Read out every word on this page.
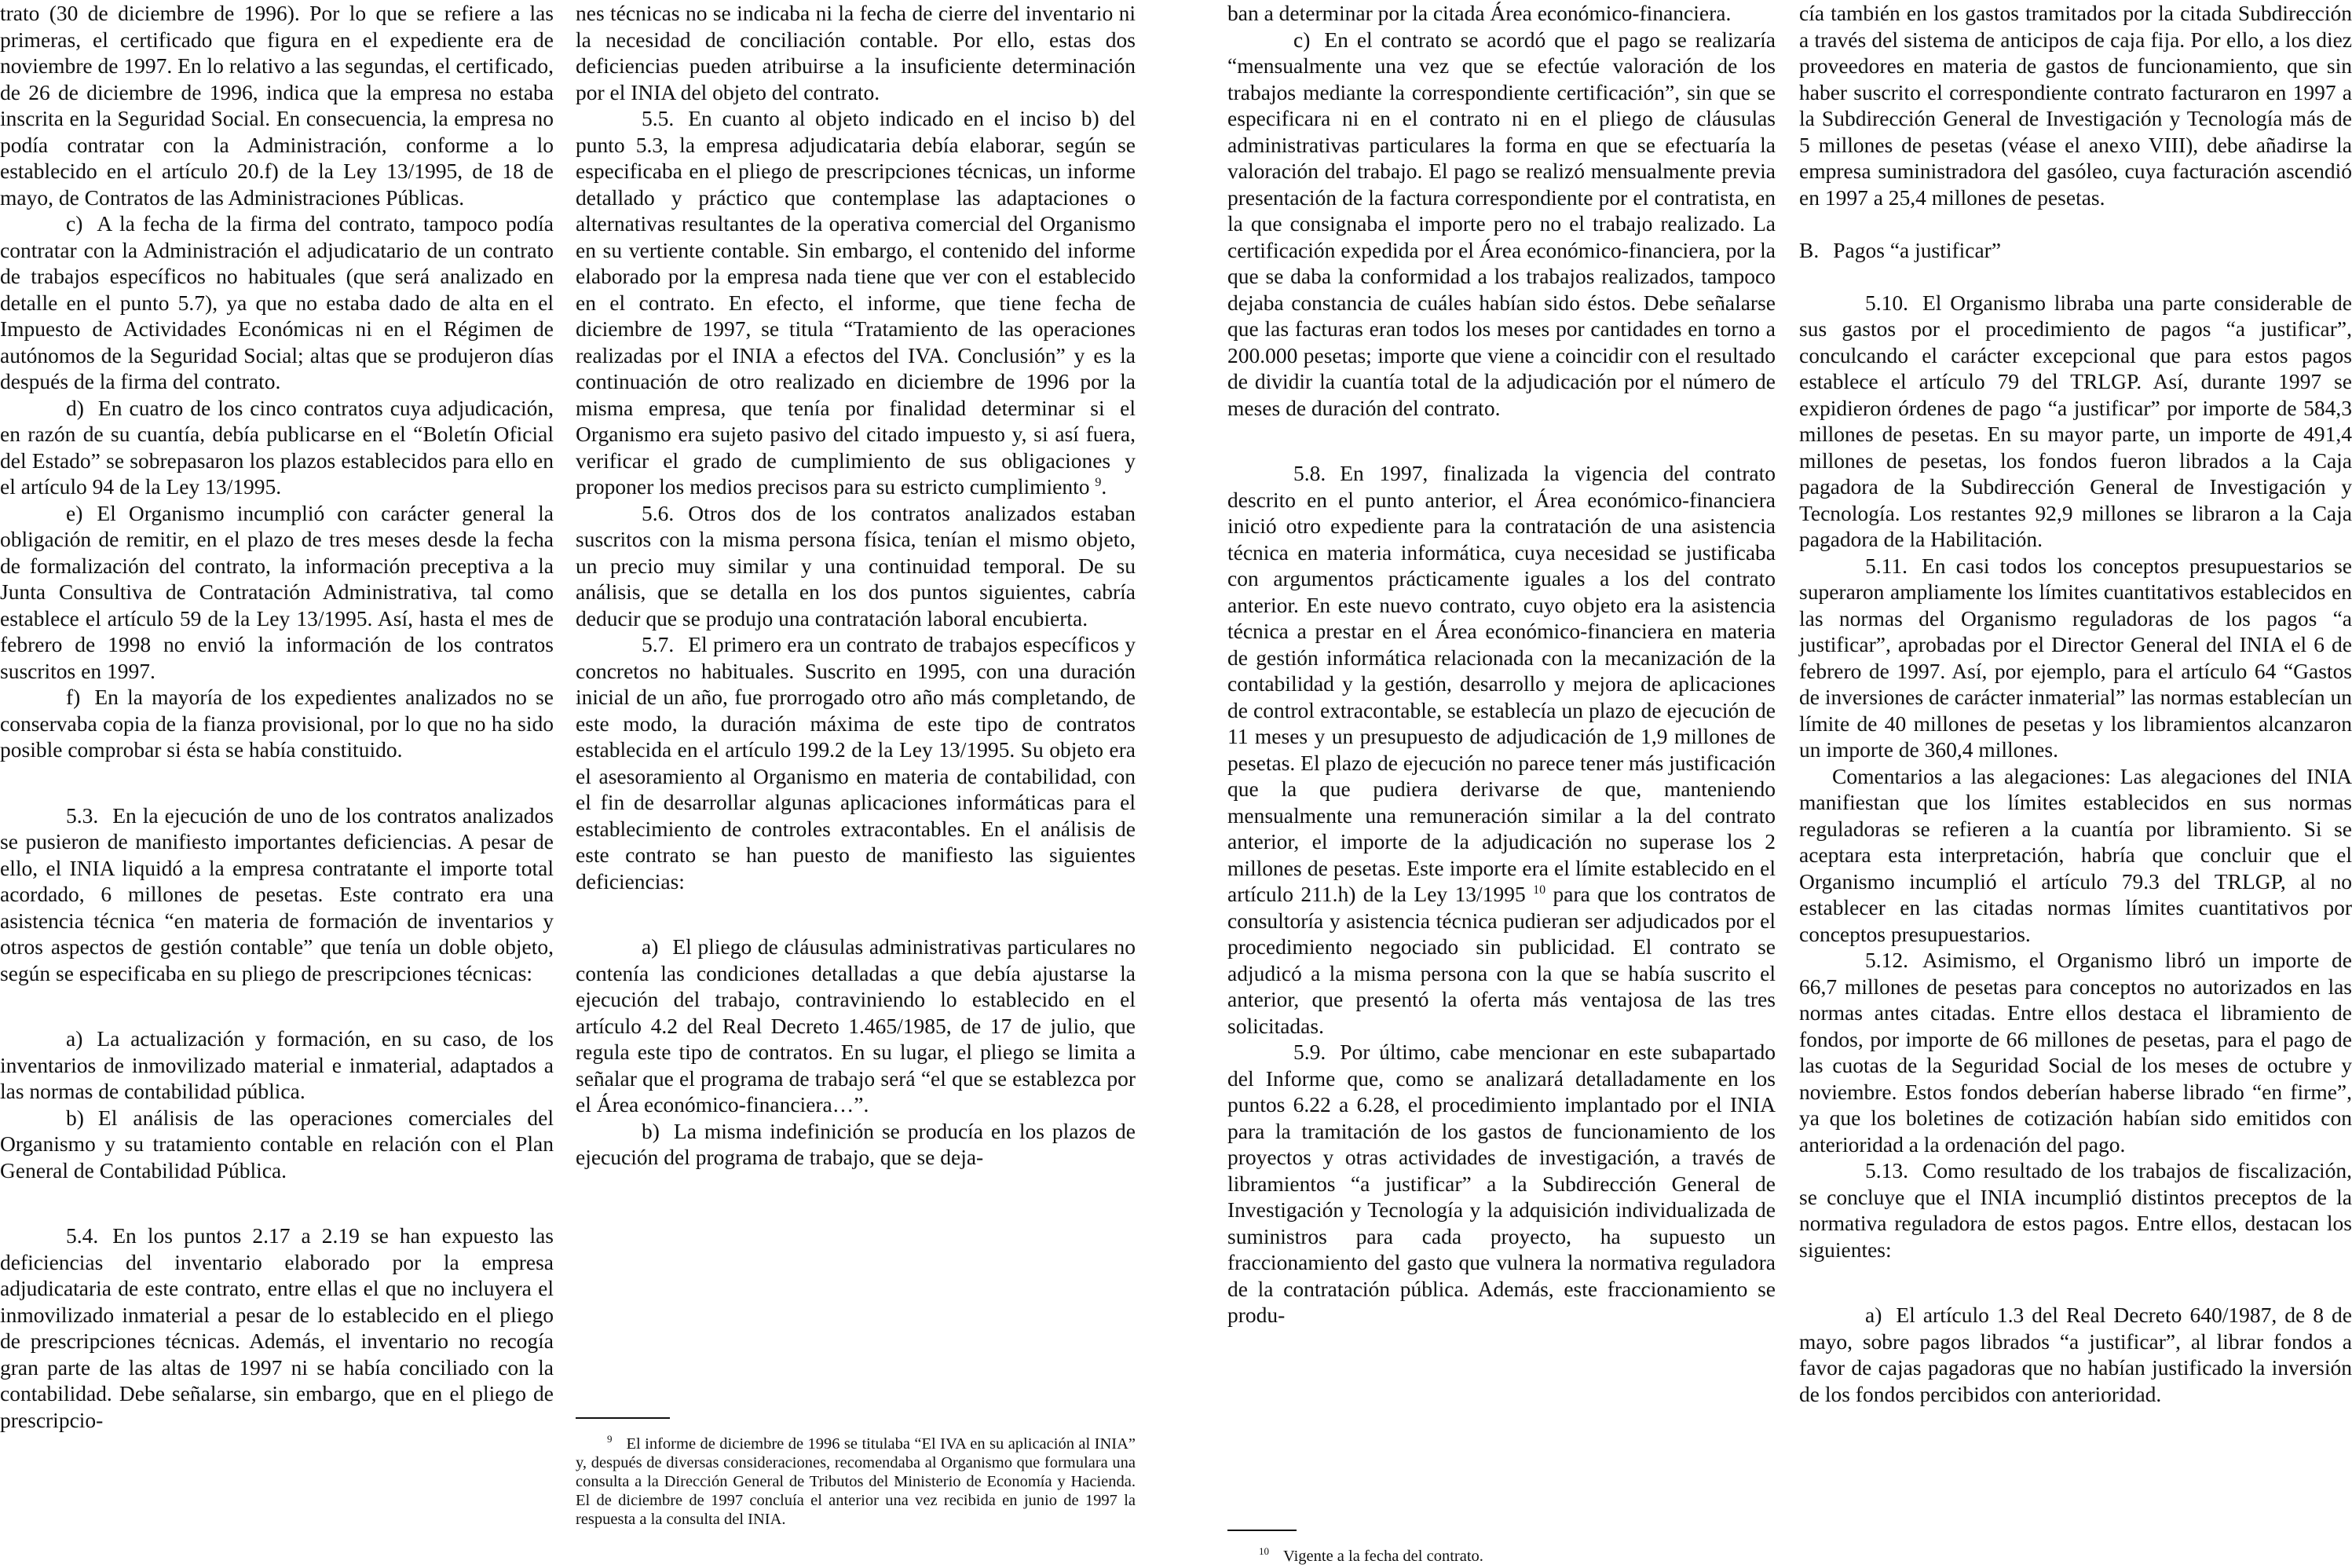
trato (30 de diciembre de 1996). Por lo que se refiere a las primeras, el certificado que figura en el expediente era de noviembre de 1997. En lo relativo a las segundas, el certificado, de 26 de diciembre de 1996, indica que la empresa no estaba inscrita en la Seguridad Social. En consecuencia, la empresa no podía contratar con la Administración, conforme a lo establecido en el artículo 20.f) de la Ley 13/1995, de 18 de mayo, de Contratos de las Administraciones Públicas.

c) A la fecha de la firma del contrato, tampoco podía contratar con la Administración el adjudicatario de un contrato de trabajos específicos no habituales (que será analizado en detalle en el punto 5.7), ya que no estaba dado de alta en el Impuesto de Actividades Económicas ni en el Régimen de autónomos de la Seguridad Social; altas que se produjeron días después de la firma del contrato.

d) En cuatro de los cinco contratos cuya adjudicación, en razón de su cuantía, debía publicarse en el “Boletín Oficial del Estado” se sobrepasaron los plazos establecidos para ello en el artículo 94 de la Ley 13/1995.

e) El Organismo incumplió con carácter general la obligación de remitir, en el plazo de tres meses desde la fecha de formalización del contrato, la información preceptiva a la Junta Consultiva de Contratación Administrativa, tal como establece el artículo 59 de la Ley 13/1995. Así, hasta el mes de febrero de 1998 no envió la información de los contratos suscritos en 1997.

f) En la mayoría de los expedientes analizados no se conservaba copia de la fianza provisional, por lo que no ha sido posible comprobar si ésta se había constituido.

5.3. En la ejecución de uno de los contratos analizados se pusieron de manifiesto importantes deficiencias. A pesar de ello, el INIA liquidó a la empresa contratante el importe total acordado, 6 millones de pesetas. Este contrato era una asistencia técnica “en materia de formación de inventarios y otros aspectos de gestión contable” que tenía un doble objeto, según se especificaba en su pliego de prescripciones técnicas:

a) La actualización y formación, en su caso, de los inventarios de inmovilizado material e inmaterial, adaptados a las normas de contabilidad pública.

b) El análisis de las operaciones comerciales del Organismo y su tratamiento contable en relación con el Plan General de Contabilidad Pública.

5.4. En los puntos 2.17 a 2.19 se han expuesto las deficiencias del inventario elaborado por la empresa adjudicataria de este contrato, entre ellas el que no incluyera el inmovilizado inmaterial a pesar de lo establecido en el pliego de prescripciones técnicas. Además, el inventario no recogía gran parte de las altas de 1997 ni se había conciliado con la contabilidad. Debe señalarse, sin embargo, que en el pliego de prescripcio-

nes técnicas no se indicaba ni la fecha de cierre del inventario ni la necesidad de conciliación contable. Por ello, estas dos deficiencias pueden atribuirse a la insuficiente determinación por el INIA del objeto del contrato.

5.5. En cuanto al objeto indicado en el inciso b) del punto 5.3, la empresa adjudicataria debía elaborar, según se especificaba en el pliego de prescripciones técnicas, un informe detallado y práctico que contemplase las adaptaciones o alternativas resultantes de la operativa comercial del Organismo en su vertiente contable. Sin embargo, el contenido del informe elaborado por la empresa nada tiene que ver con el establecido en el contrato. En efecto, el informe, que tiene fecha de diciembre de 1997, se titula “Tratamiento de las operaciones realizadas por el INIA a efectos del IVA. Conclusión” y es la continuación de otro realizado en diciembre de 1996 por la misma empresa, que tenía por finalidad determinar si el Organismo era sujeto pasivo del citado impuesto y, si así fuera, verificar el grado de cumplimiento de sus obligaciones y proponer los medios precisos para su estricto cumplimiento $^9$.

5.6. Otros dos de los contratos analizados estaban suscritos con la misma persona física, tenían el mismo objeto, un precio muy similar y una continuidad temporal. De su análisis, que se detalla en los dos puntos siguientes, cabría deducir que se produjo una contratación laboral encubierta.

5.7. El primero era un contrato de trabajos específicos y concretos no habituales. Suscrito en 1995, con una duración inicial de un año, fue prorrogado otro año más completando, de este modo, la duración máxima de este tipo de contratos establecida en el artículo 199.2 de la Ley 13/1995. Su objeto era el asesoramiento al Organismo en materia de contabilidad, con el fin de desarrollar algunas aplicaciones informáticas para el establecimiento de controles extracontables. En el análisis de este contrato se han puesto de manifiesto las siguientes deficiencias:

a) El pliego de cláusulas administrativas particulares no contenía las condiciones detalladas a que debía ajustarse la ejecución del trabajo, contraviniendo lo establecido en el artículo 4.2 del Real Decreto 1.465/1985, de 17 de julio, que regula este tipo de contratos. En su lugar, el pliego se limita a señalar que el programa de trabajo será “el que se establezca por el Área económico-financiera…”.

b) La misma indefinición se producía en los plazos de ejecución del programa de trabajo, que se deja-

ban a determinar por la citada Área económico-financiera.

c) En el contrato se acordó que el pago se realizaría “mensualmente una vez que se efectúe valoración de los trabajos mediante la correspondiente certificación”, sin que se especificara ni en el contrato ni en el pliego de cláusulas administrativas particulares la forma en que se efectuaría la valoración del trabajo. El pago se realizó mensualmente previa presentación de la factura correspondiente por el contratista, en la que consignaba el importe pero no el trabajo realizado. La certificación expedida por el Área económico-financiera, por la que se daba la conformidad a los trabajos realizados, tampoco dejaba constancia de cuáles habían sido éstos. Debe señalarse que las facturas eran todos los meses por cantidades en torno a 200.000 pesetas; importe que viene a coincidir con el resultado de dividir la cuantía total de la adjudicación por el número de meses de duración del contrato.

5.8. En 1997, finalizada la vigencia del contrato descrito en el punto anterior, el Área económico-financiera inició otro expediente para la contratación de una asistencia técnica en materia informática, cuya necesidad se justificaba con argumentos prácticamente iguales a los del contrato anterior. En este nuevo contrato, cuyo objeto era la asistencia técnica a prestar en el Área económico-financiera en materia de gestión informática relacionada con la mecanización de la contabilidad y la gestión, desarrollo y mejora de aplicaciones de control extracontable, se establecía un plazo de ejecución de 11 meses y un presupuesto de adjudicación de 1,9 millones de pesetas. El plazo de ejecución no parece tener más justificación que la que pudiera derivarse de que, manteniendo mensualmente una remuneración similar a la del contrato anterior, el importe de la adjudicación no superase los 2 millones de pesetas. Este importe era el límite establecido en el artículo 211.h) de la Ley 13/1995 $^{10}$ para que los contratos de consultoría y asistencia técnica pudieran ser adjudicados por el procedimiento negociado sin publicidad. El contrato se adjudicó a la misma persona con la que se había suscrito el anterior, que presentó la oferta más ventajosa de las tres solicitadas.

5.9. Por último, cabe mencionar en este subapartado del Informe que, como se analizará detalladamente en los puntos 6.22 a 6.28, el procedimiento implantado por el INIA para la tramitación de los gastos de funcionamiento de los proyectos y otras actividades de investigación, a través de libramientos “a justificar” a la Subdirección General de Investigación y Tecnología y la adquisición individualizada de suministros para cada proyecto, ha supuesto un fraccionamiento del gasto que vulnera la normativa reguladora de la contratación pública. Además, este fraccionamiento se produ-

cía también en los gastos tramitados por la citada Subdirección a través del sistema de anticipos de caja fija. Por ello, a los diez proveedores en materia de gastos de funcionamiento, que sin haber suscrito el correspondiente contrato facturaron en 1997 a la Subdirección General de Investigación y Tecnología más de 5 millones de pesetas (véase el anexo VIII), debe añadirse la empresa suministradora del gasóleo, cuya facturación ascendió en 1997 a 25,4 millones de pesetas.

B. Pagos “a justificar”

5.10. El Organismo libraba una parte considerable de sus gastos por el procedimiento de pagos “a justificar”, conculcando el carácter excepcional que para estos pagos establece el artículo 79 del TRLGP. Así, durante 1997 se expidieron órdenes de pago “a justificar” por importe de 584,3 millones de pesetas. En su mayor parte, un importe de 491,4 millones de pesetas, los fondos fueron librados a la Caja pagadora de la Subdirección General de Investigación y Tecnología. Los restantes 92,9 millones se libraron a la Caja pagadora de la Habilitación.

5.11. En casi todos los conceptos presupuestarios se superaron ampliamente los límites cuantitativos establecidos en las normas del Organismo reguladoras de los pagos “a justificar”, aprobadas por el Director General del INIA el 6 de febrero de 1997. Así, por ejemplo, para el artículo 64 “Gastos de inversiones de carácter inmaterial” las normas establecían un límite de 40 millones de pesetas y los libramientos alcanzaron un importe de 360,4 millones.

Comentarios a las alegaciones: Las alegaciones del INIA manifiestan que los límites establecidos en sus normas reguladoras se refieren a la cuantía por libramiento. Si se aceptara esta interpretación, habría que concluir que el Organismo incumplió el artículo 79.3 del TRLGP, al no establecer en las citadas normas límites cuantitativos por conceptos presupuestarios.

5.12. Asimismo, el Organismo libró un importe de 66,7 millones de pesetas para conceptos no autorizados en las normas antes citadas. Entre ellos destaca el libramiento de fondos, por importe de 66 millones de pesetas, para el pago de las cuotas de la Seguridad Social de los meses de octubre y noviembre. Estos fondos deberían haberse librado “en firme”, ya que los boletines de cotización habían sido emitidos con anterioridad a la ordenación del pago.

5.13. Como resultado de los trabajos de fiscalización, se concluye que el INIA incumplió distintos preceptos de la normativa reguladora de estos pagos. Entre ellos, destacan los siguientes:

a) El artículo 1.3 del Real Decreto 640/1987, de 8 de mayo, sobre pagos librados “a justificar”, al librar fondos a favor de cajas pagadoras que no habían justificado la inversión de los fondos percibidos con anterioridad.

$^9$ El informe de diciembre de 1996 se titulaba “El IVA en su aplicación al INIA” y, después de diversas consideraciones, recomendaba al Organismo que formulara una consulta a la Dirección General de Tributos del Ministerio de Economía y Hacienda. El de diciembre de 1997 concluía el anterior una vez recibida en junio de 1997 la respuesta a la consulta del INIA.

$^{10}$ Vigente a la fecha del contrato.
